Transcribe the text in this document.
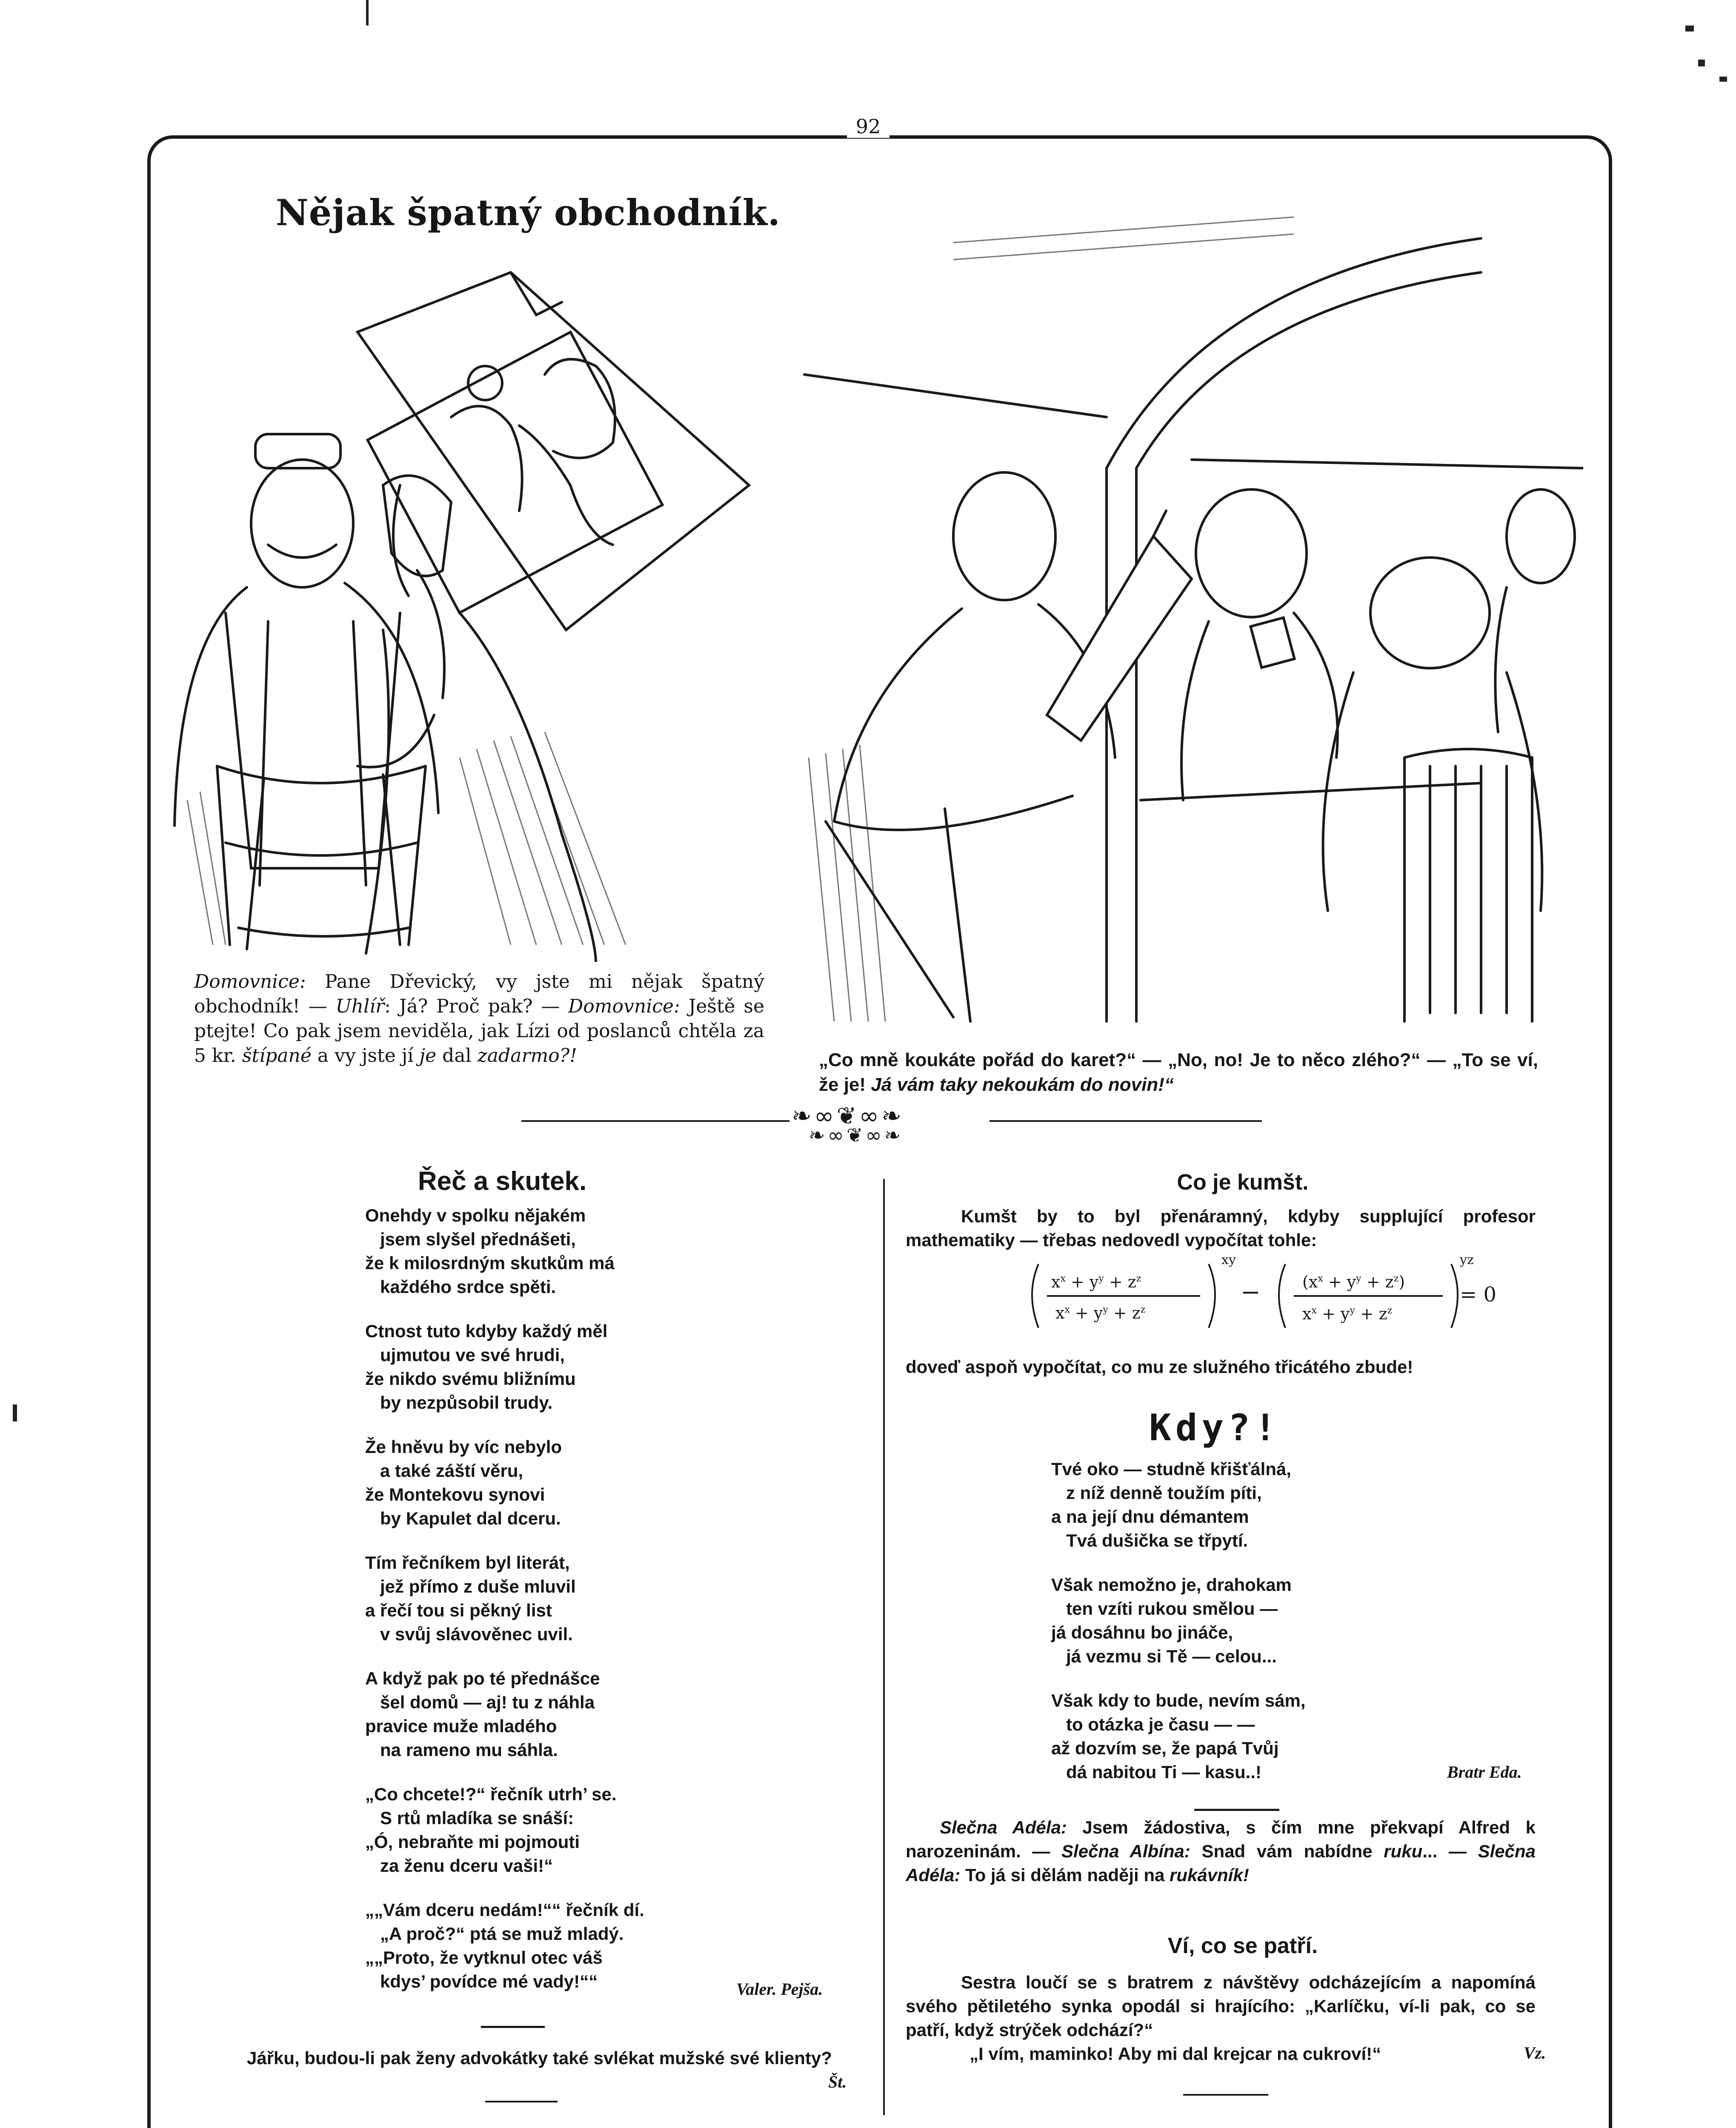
92
Nějak špatný obchodník.
Domovnice: Pane Dřevický, vy jste mi nějak špatný obchodník! — Uhlíř: Já? Proč pak? — Domovnice: Ještě se ptejte! Co pak jsem neviděla, jak Lízi od poslanců chtěla za 5 kr. štípané a vy jste jí je dal zadarmo?!	„Co mně koukáte pořád do karet?“ — „No, no! Je to něco zlého?“ — „To se ví, že je! Já vám taky nekoukám do novin!“
❧∞❦∞❧
❧∞❦∞❧
Řeč a skutek.
Onehdy v spolku nějakém
jsem slyšel přednášeti,
že k milosrdným skutkům má
každého srdce spěti.
Ctnost tuto kdyby každý měl
ujmutou ve své hrudi,
že nikdo svému bližnímu
by nezpůsobil trudy.
Že hněvu by víc nebylo
a také záští věru,
že Montekovu synovi
by Kapulet dal dceru.
Tím řečníkem byl literát,
jež přímo z duše mluvil
a řečí tou si pěkný list
v svůj slávověnec uvil.
A když pak po té přednášce
šel domů — aj! tu z náhla
pravice muže mladého
na rameno mu sáhla.
„Co chcete!?“ řečník utrh’ se.
S rtů mladíka se snáší:
„Ó, nebraňte mi pojmouti
za ženu dceru vaši!“
„„Vám dceru nedám!““ řečník dí.
„A proč?“ ptá se muž mladý.
„„Proto, že vytknul otec váš
kdys’ povídce mé vady!““	Valer. Pejša.
Jářku, budou-li pak ženy advokátky také svlékat mužské své klienty?
Št.
Co je kumšt.
Kumšt by to byl přenáramný, kdyby supplující profesor mathematiky — třebas nedovedl vypočítat tohle:
$x^x + y^y + z^z$
$x^x + y^y + z^z$
xy
−	$(x^x + y^y + z^z)$
$x^x + y^y + z^z$
yz
= 0
doveď aspoň vypočítat, co mu ze služného třicátého zbude!
Kdy?!
Tvé oko — studně křišťálná,
z níž denně toužím píti,
a na její dnu démantem
Tvá dušička se třpytí.
Však nemožno je, drahokam
ten vzíti rukou smělou —
já dosáhnu bo jináče,
já vezmu si Tě — celou...
Však kdy to bude, nevím sám,
to otázka je času — —
až dozvím se, že papá Tvůj
dá nabitou Ti — kasu..!	Bratr Eda.
Slečna Adéla: Jsem žádostiva, s čím mne překvapí Alfred k narozeninám. — Slečna Albína: Snad vám nabídne ruku... — Slečna Adéla: To já si dělám naději na rukávník!
Ví, co se patří.
Sestra loučí se s bratrem z návštěvy odcházejícím a napomíná svého pětiletého synka opodál si hrajícího: „Karlíčku, ví-li pak, co se patří, když strýček odchází?“
„I vím, maminko! Aby mi dal krejcar na cukroví!“	Vz.
